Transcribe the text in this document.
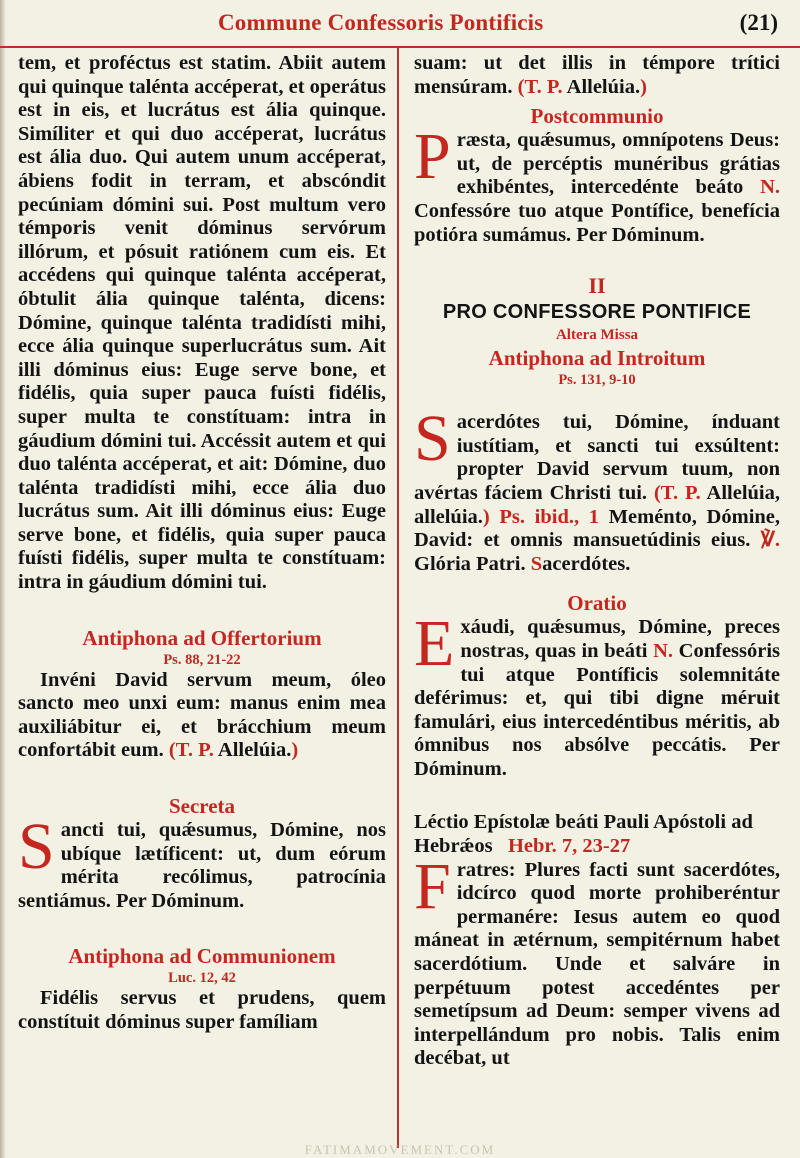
Commune Confessoris Pontificis	(21)

tem, et proféctus est statim. Abiit autem qui quinque talénta accéperat, et operátus est in eis, et lucrátus est ália quinque. Simíliter et qui duo accéperat, lucrátus est ália duo. Qui autem unum accéperat, ábiens fodit in terram, et abscóndit pecúniam dómini sui. Post multum vero témporis venit dóminus servórum illórum, et pósuit ratiónem cum eis. Et accédens qui quinque talénta accéperat, óbtulit ália quinque talénta, dicens: Dómine, quinque talénta tradidísti mihi, ecce ália quinque superlucrátus sum. Ait illi dóminus eius: Euge serve bone, et fidélis, quia super pauca fuísti fidélis, super multa te constítuam: intra in gáudium dómini tui. Accéssit autem et qui duo talénta accéperat, et ait: Dómine, duo talénta tradidísti mihi, ecce ália duo lucrátus sum. Ait illi dóminus eius: Euge serve bone, et fidélis, quia super pauca fuísti fidélis, super multa te constítuam: intra in gáudium dómini tui.

Antiphona ad Offertorium

Ps. 88, 21-22

Invéni David servum meum, óleo sancto meo unxi eum: manus enim mea auxiliábitur ei, et brácchium meum confortábit eum. (T. P. Allelúia.)

Secreta

Sancti tui, quǽsumus, Dómine, nos ubíque lætíficent: ut, dum eórum mérita recólimus, patrocínia sentiámus. Per Dóminum.

Antiphona ad Communionem

Luc. 12, 42

Fidélis servus et prudens, quem constítuit dóminus super famíliam

suam: ut det illis in témpore trítici mensúram. (T. P. Allelúia.)

Postcommunio

Præsta, quǽsumus, omnípotens Deus: ut, de percéptis munéribus grátias exhibéntes, intercedénte beáto N. Confessóre tuo atque Pontífice, benefícia potióra sumámus. Per Dóminum.

II

PRO CONFESSORE PONTIFICE

Altera Missa

Antiphona ad Introitum

Ps. 131, 9-10

Sacerdótes tui, Dómine, índuant iustítiam, et sancti tui exsúltent: propter David servum tuum, non avértas fáciem Christi tui. (T. P. Allelúia, allelúia.) Ps. ibid., 1 Meménto, Dómine, David: et omnis mansuetúdinis eius. ℣. Glória Patri. Sacerdótes.

Oratio

Exáudi, quǽsumus, Dómine, preces nostras, quas in beáti N. Confessóris tui atque Pontíficis solemnitáte deférimus: et, qui tibi digne méruit famulári, eius intercedéntibus méritis, ab ómnibus nos absólve peccátis. Per Dóminum.

Léctio Epístolæ beáti Pauli Apóstoli ad Hebrǽos Hebr. 7, 23-27

Fratres: Plures facti sunt sacerdótes, idcírco quod morte prohiberéntur permanére: Iesus autem eo quod máneat in ætérnum, sempitérnum habet sacerdótium. Unde et salváre in perpétuum potest accedéntes per semetípsum ad Deum: semper vivens ad interpellándum pro nobis. Talis enim decébat, ut

FATIMAMOVEMENT.COM
